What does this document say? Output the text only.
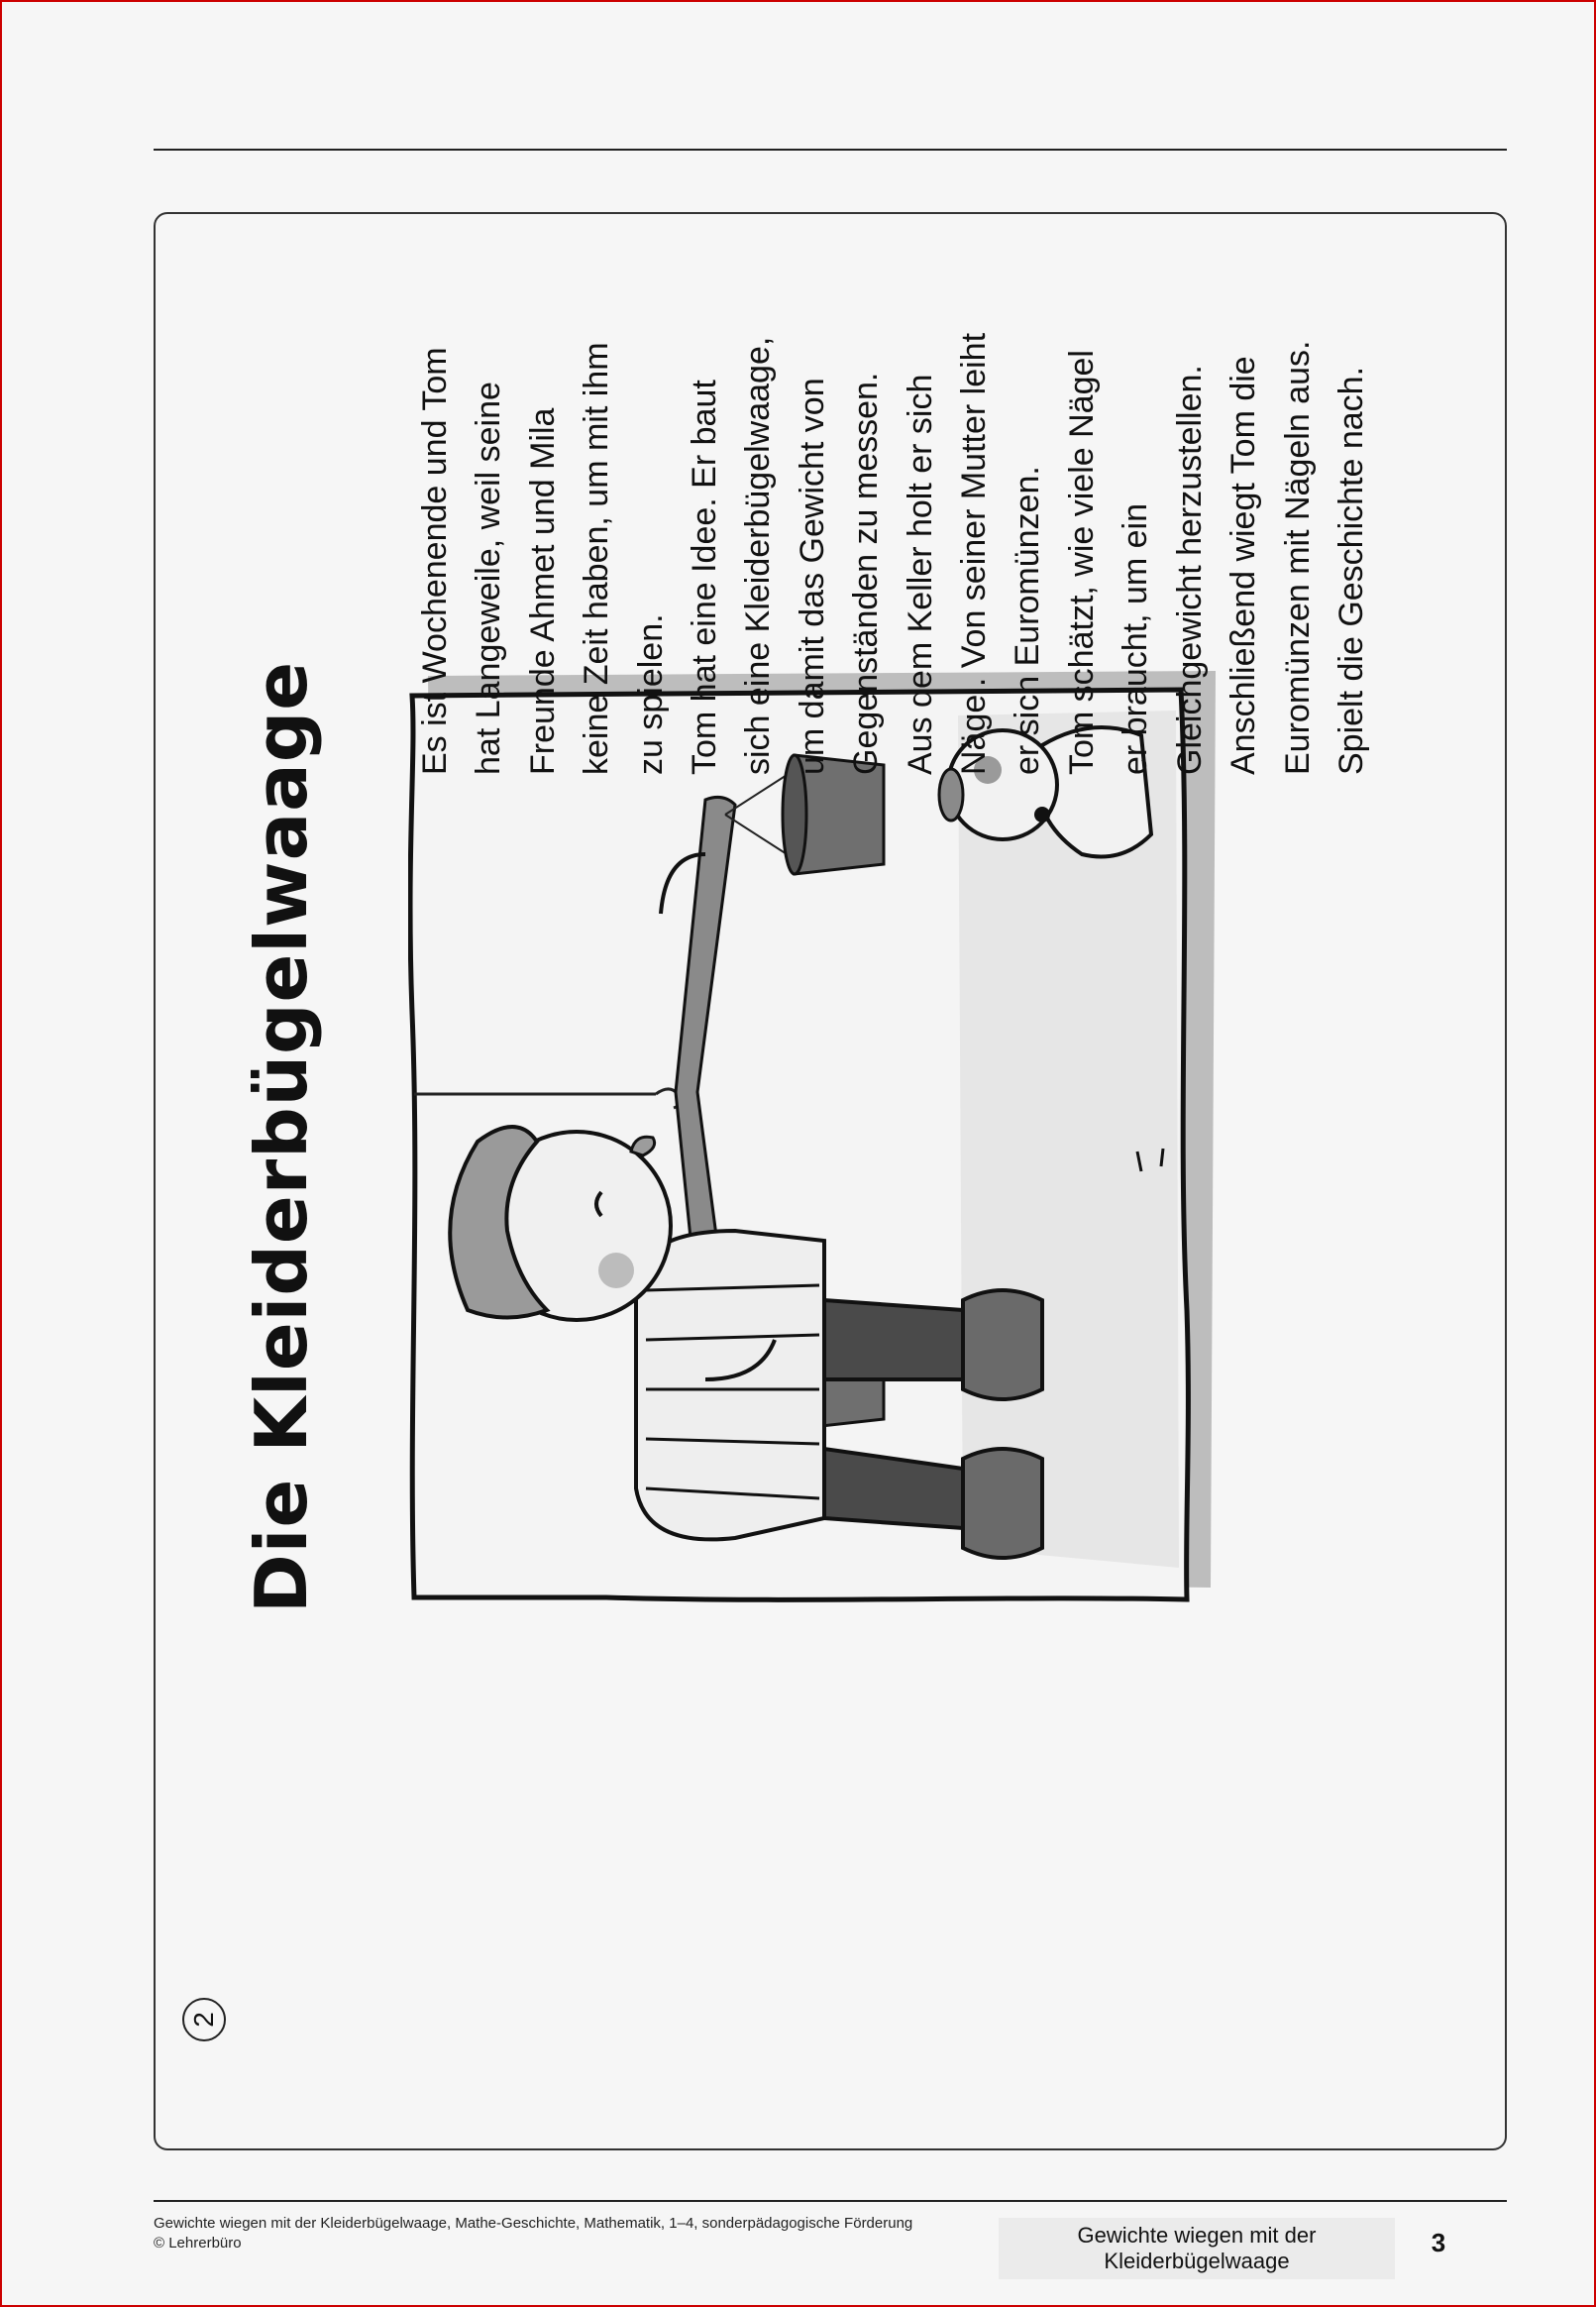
2
Die Kleiderbügelwaage
Es ist Wochenende und Tom hat Langeweile, weil seine Freunde Ahmet und Mila keine Zeit haben, um mit ihm zu spielen. Tom hat eine Idee. Er baut sich eine Kleiderbügelwaage, um damit das Gewicht von Gegenständen zu messen. Aus dem Keller holt er sich Nägel. Von seiner Mutter leiht er sich Euromünzen. Tom schätzt, wie viele Nägel er braucht, um ein Gleichgewicht herzustellen. Anschließend wiegt Tom die Euromünzen mit Nägeln aus. Spielt die Geschichte nach.
Gewichte wiegen mit der Kleiderbügelwaage, Mathe-Geschichte, Mathematik, 1–4, sonderpädagogische Förderung
© Lehrerbüro	Gewichte wiegen mit der
Kleiderbügelwaage
3
